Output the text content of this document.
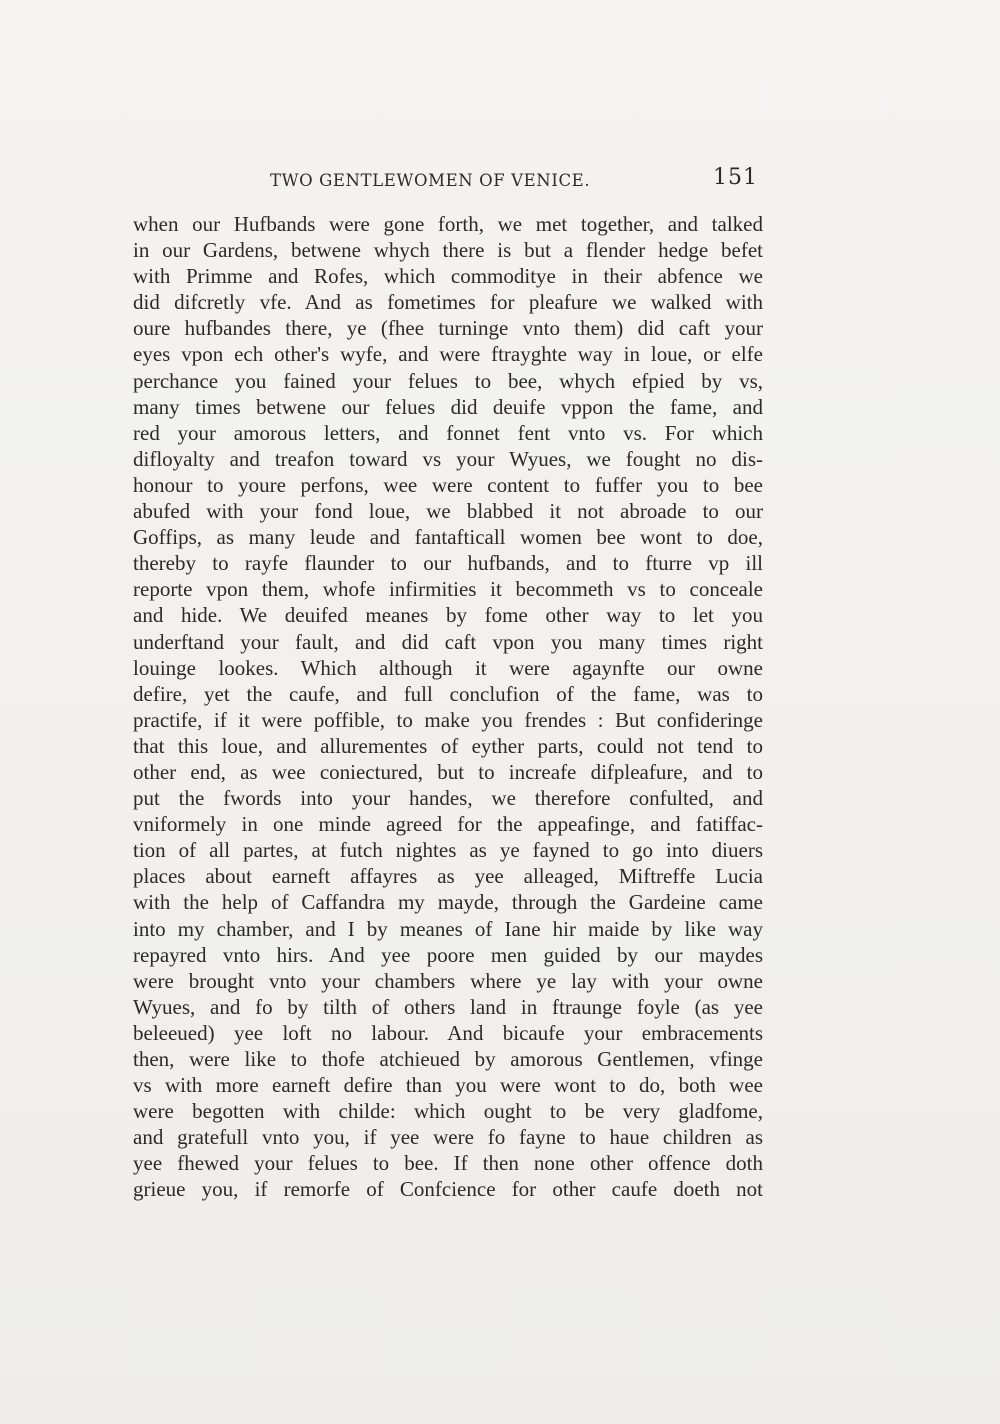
TWO GENTLEWOMEN OF VENICE.	151
when our Hufbands were gone forth, we met together, and talked
in our Gardens, betwene whych there is but a flender hedge befet
with Primme and Rofes, which commoditye in their abfence we
did difcretly vfe. And as fometimes for pleafure we walked with
oure hufbandes there, ye (fhee turninge vnto them) did caft your
eyes vpon ech other's wyfe, and were ftrayghte way in loue, or elfe
perchance you fained your felues to bee, whych efpied by vs,
many times betwene our felues did deuife vppon the fame, and
red your amorous letters, and fonnet fent vnto vs. For which
difloyalty and treafon toward vs your Wyues, we fought no dis-
honour to youre perfons, wee were content to fuffer you to bee
abufed with your fond loue, we blabbed it not abroade to our
Goffips, as many leude and fantafticall women bee wont to doe,
thereby to rayfe flaunder to our hufbands, and to fturre vp ill
reporte vpon them, whofe infirmities it becommeth vs to conceale
and hide. We deuifed meanes by fome other way to let you
underftand your fault, and did caft vpon you many times right
louinge lookes. Which although it were agaynfte our owne
defire, yet the caufe, and full conclufion of the fame, was to
practife, if it were poffible, to make you frendes : But confideringe
that this loue, and allurementes of eyther parts, could not tend to
other end, as wee coniectured, but to increafe difpleafure, and to
put the fwords into your handes, we therefore confulted, and
vniformely in one minde agreed for the appeafinge, and fatiffac-
tion of all partes, at futch nightes as ye fayned to go into diuers
places about earneft affayres as yee alleaged, Miftreffe Lucia
with the help of Caffandra my mayde, through the Gardeine came
into my chamber, and I by meanes of Iane hir maide by like way
repayred vnto hirs. And yee poore men guided by our maydes
were brought vnto your chambers where ye lay with your owne
Wyues, and fo by tilth of others land in ftraunge foyle (as yee
beleeued) yee loft no labour. And bicaufe your embracements
then, were like to thofe atchieued by amorous Gentlemen, vfinge
vs with more earneft defire than you were wont to do, both wee
were begotten with childe: which ought to be very gladfome,
and gratefull vnto you, if yee were fo fayne to haue children as
yee fhewed your felues to bee. If then none other offence doth
grieue you, if remorfe of Confcience for other caufe doeth not
